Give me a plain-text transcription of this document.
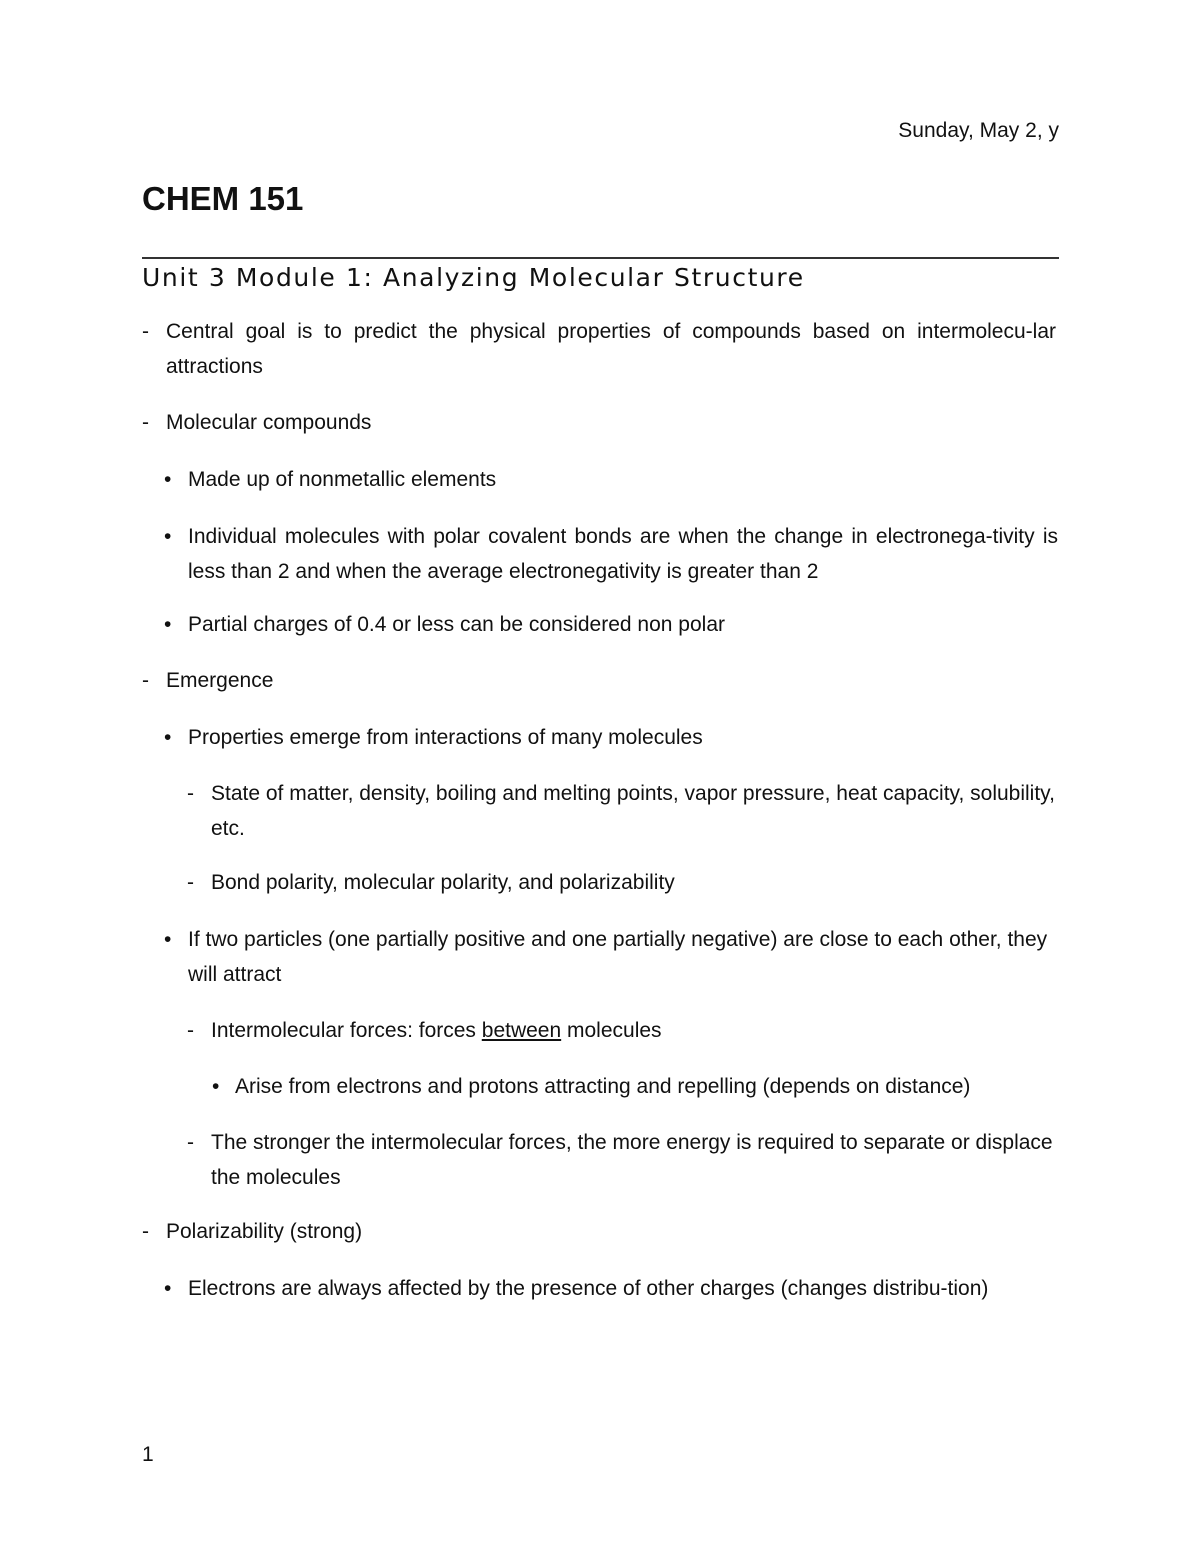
Sunday, May 2, y
CHEM 151
Unit 3 Module 1: Analyzing Molecular Structure
- Central goal is to predict the physical properties of compounds based on intermolecu-lar attractions
- Molecular compounds
• Made up of nonmetallic elements
• Individual molecules with polar covalent bonds are when the change in electronega-tivity is less than 2 and when the average electronegativity is greater than 2
• Partial charges of 0.4 or less can be considered non polar
- Emergence
• Properties emerge from interactions of many molecules
- State of matter, density, boiling and melting points, vapor pressure, heat capacity, solubility, etc.
- Bond polarity, molecular polarity, and polarizability
• If two particles (one partially positive and one partially negative) are close to each other, they will attract
- Intermolecular forces: forces between molecules
• Arise from electrons and protons attracting and repelling (depends on distance)
- The stronger the intermolecular forces, the more energy is required to separate or displace the molecules
- Polarizability (strong)
• Electrons are always affected by the presence of other charges (changes distribu-tion)
1
